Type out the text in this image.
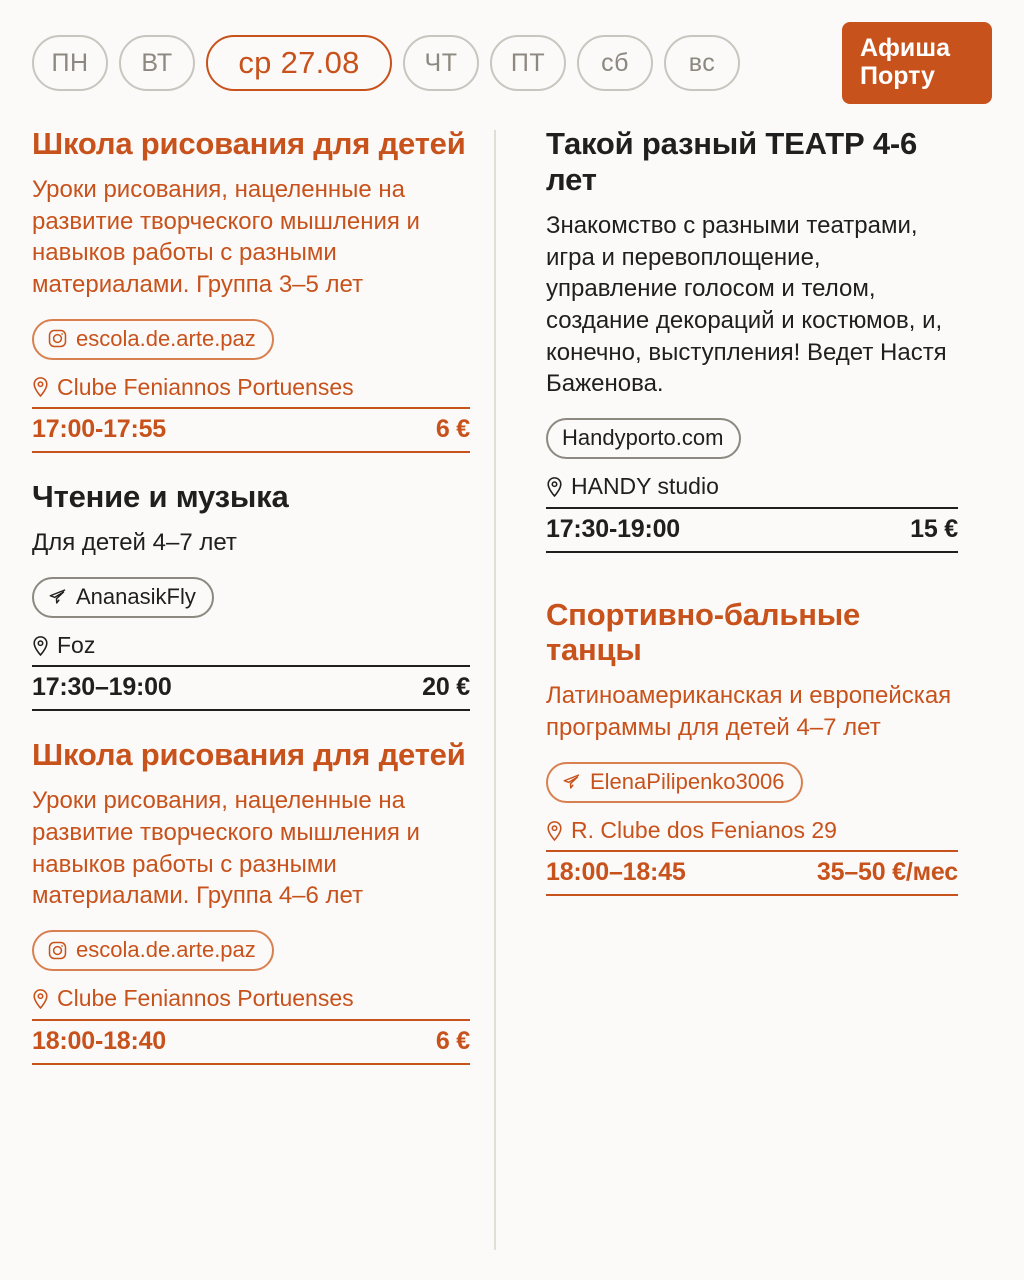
ПН	ВТ	ср 27.08	ЧТ	ПТ	сб	вс
Афиша
Порту
Школа рисования для детей

Уроки рисования, нацеленные на развитие творческого мышления и навыков работы с разными материалами. Группа 3–5 лет

escola.de.arte.paz
Clube Feniannos Portuenses
17:00-17:55	6 €
Чтение и музыка

Для детей 4–7 лет

AnanasikFly
Foz
17:30–19:00	20 €
Школа рисования для детей

Уроки рисования, нацеленные на развитие творческого мышления и навыков работы с разными материалами. Группа 4–6 лет

escola.de.arte.paz
Clube Feniannos Portuenses
18:00-18:40	6 €
Такой разный ТЕАТР 4-6 лет

Знакомство с разными театрами, игра и перевоплощение, управление голосом и телом, создание декораций и костюмов, и, конечно, выступления! Ведет Настя Баженова.

Handyporto.com
HANDY studio
17:30-19:00	15 €
Спортивно-бальные танцы

Латиноамериканская и европейская программы для детей 4–7 лет

ElenaPilipenko3006
R. Clube dos Fenianos 29
18:00–18:45	35–50 €/мес
